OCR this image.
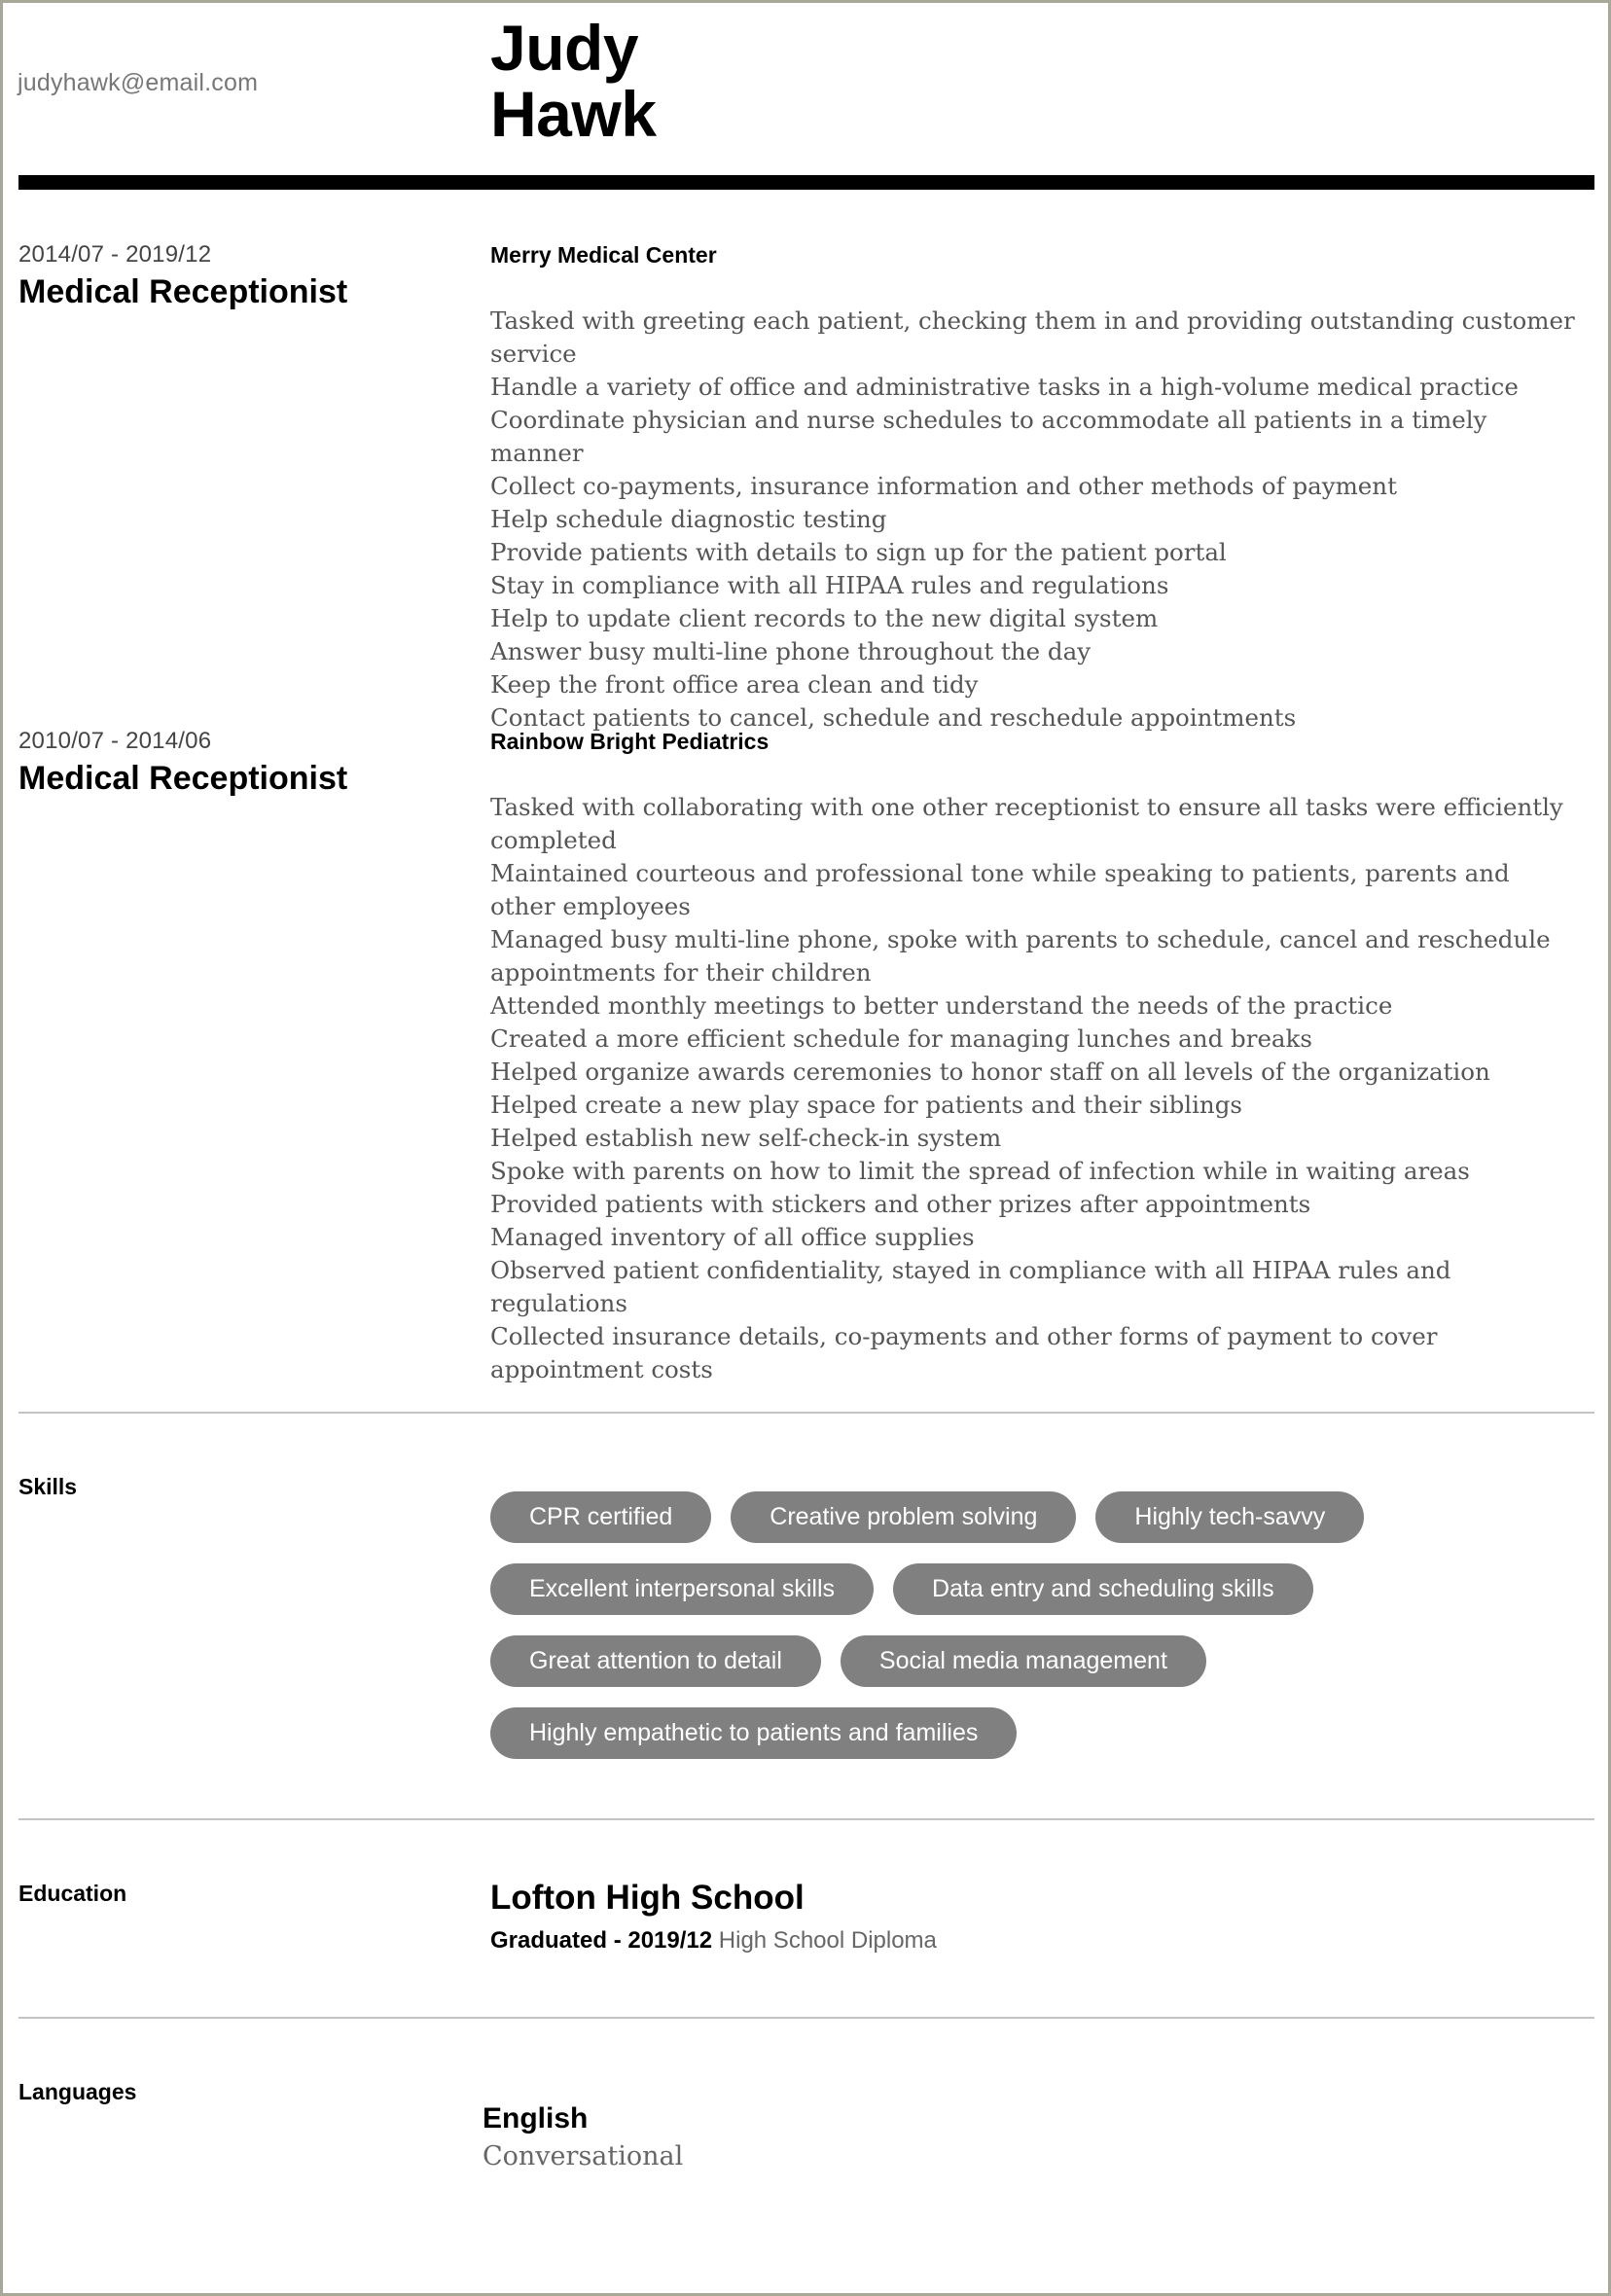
judyhawk@email.com	Judy
Hawk
2014/07 - 2019/12
Medical Receptionist
Merry Medical Center
Tasked with greeting each patient, checking them in and providing outstanding customer service
Handle a variety of office and administrative tasks in a high-volume medical practice
Coordinate physician and nurse schedules to accommodate all patients in a timely manner
Collect co-payments, insurance information and other methods of payment
Help schedule diagnostic testing
Provide patients with details to sign up for the patient portal
Stay in compliance with all HIPAA rules and regulations
Help to update client records to the new digital system
Answer busy multi-line phone throughout the day
Keep the front office area clean and tidy
Contact patients to cancel, schedule and reschedule appointments
2010/07 - 2014/06
Medical Receptionist
Rainbow Bright Pediatrics
Tasked with collaborating with one other receptionist to ensure all tasks were efficiently completed
Maintained courteous and professional tone while speaking to patients, parents and other employees
Managed busy multi-line phone, spoke with parents to schedule, cancel and reschedule appointments for their children
Attended monthly meetings to better understand the needs of the practice
Created a more efficient schedule for managing lunches and breaks
Helped organize awards ceremonies to honor staff on all levels of the organization
Helped create a new play space for patients and their siblings
Helped establish new self-check-in system
Spoke with parents on how to limit the spread of infection while in waiting areas
Provided patients with stickers and other prizes after appointments
Managed inventory of all office supplies
Observed patient confidentiality, stayed in compliance with all HIPAA rules and regulations
Collected insurance details, co-payments and other forms of payment to cover appointment costs
Skills
CPR certified	Creative problem solving	Highly tech-savvy
Excellent interpersonal skills	Data entry and scheduling skills
Great attention to detail	Social media management
Highly empathetic to patients and families
Education	Lofton High School
Graduated - 2019/12 High School Diploma
Languages
English
Conversational
